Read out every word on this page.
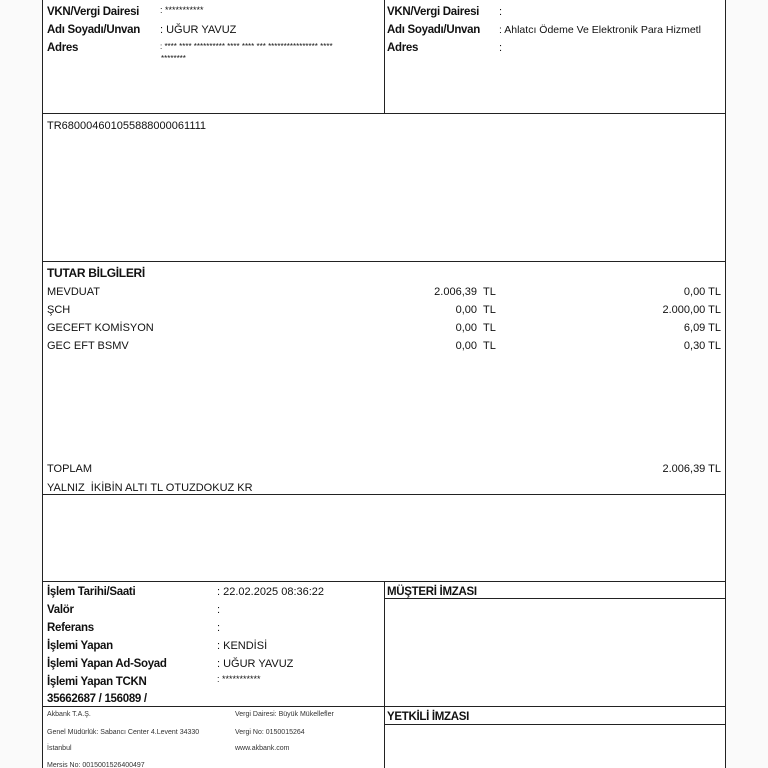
VKN/Vergi Dairesi : ***********
Adı Soyadı/Unvan : UĞUR YAVUZ
Adres	: **** **** ********** **** **** *** **************** ****
********
VKN/Vergi Dairesi :
Adı Soyadı/Unvan : Ahlatcı Ödeme Ve Elektronik Para Hizmetl
Adres	:
TR680004601055888000061111
TUTAR BİLGİLERİ
MEVDUAT	2.006,39 TL	0,00 TL
ŞCH	0,00 TL	2.000,00 TL
GECEFT KOMİSYON	0,00 TL	6,09 TL
GEC EFT BSMV	0,00 TL	0,30 TL
TOPLAM	2.006,39 TL
YALNIZ  İKİBİN ALTI TL OTUZDOKUZ KR
İşlem Tarihi/Saati	: 22.02.2025 08:36:22
Valör	:
Referans	:
İşlemi Yapan	: KENDİSİ
İşlemi Yapan Ad-Soyad	: UĞUR YAVUZ
İşlemi Yapan TCKN	: ***********
35662687 / 156089 /
MÜŞTERİ İMZASI
YETKİLİ İMZASI
Akbank T.A.Ş.
Genel Müdürlük: Sabancı Center 4.Levent 34330
İstanbul
Mersis No: 0015001526400497
Vergi Dairesi: Büyük Mükellefler
Vergi No: 0150015264
www.akbank.com
